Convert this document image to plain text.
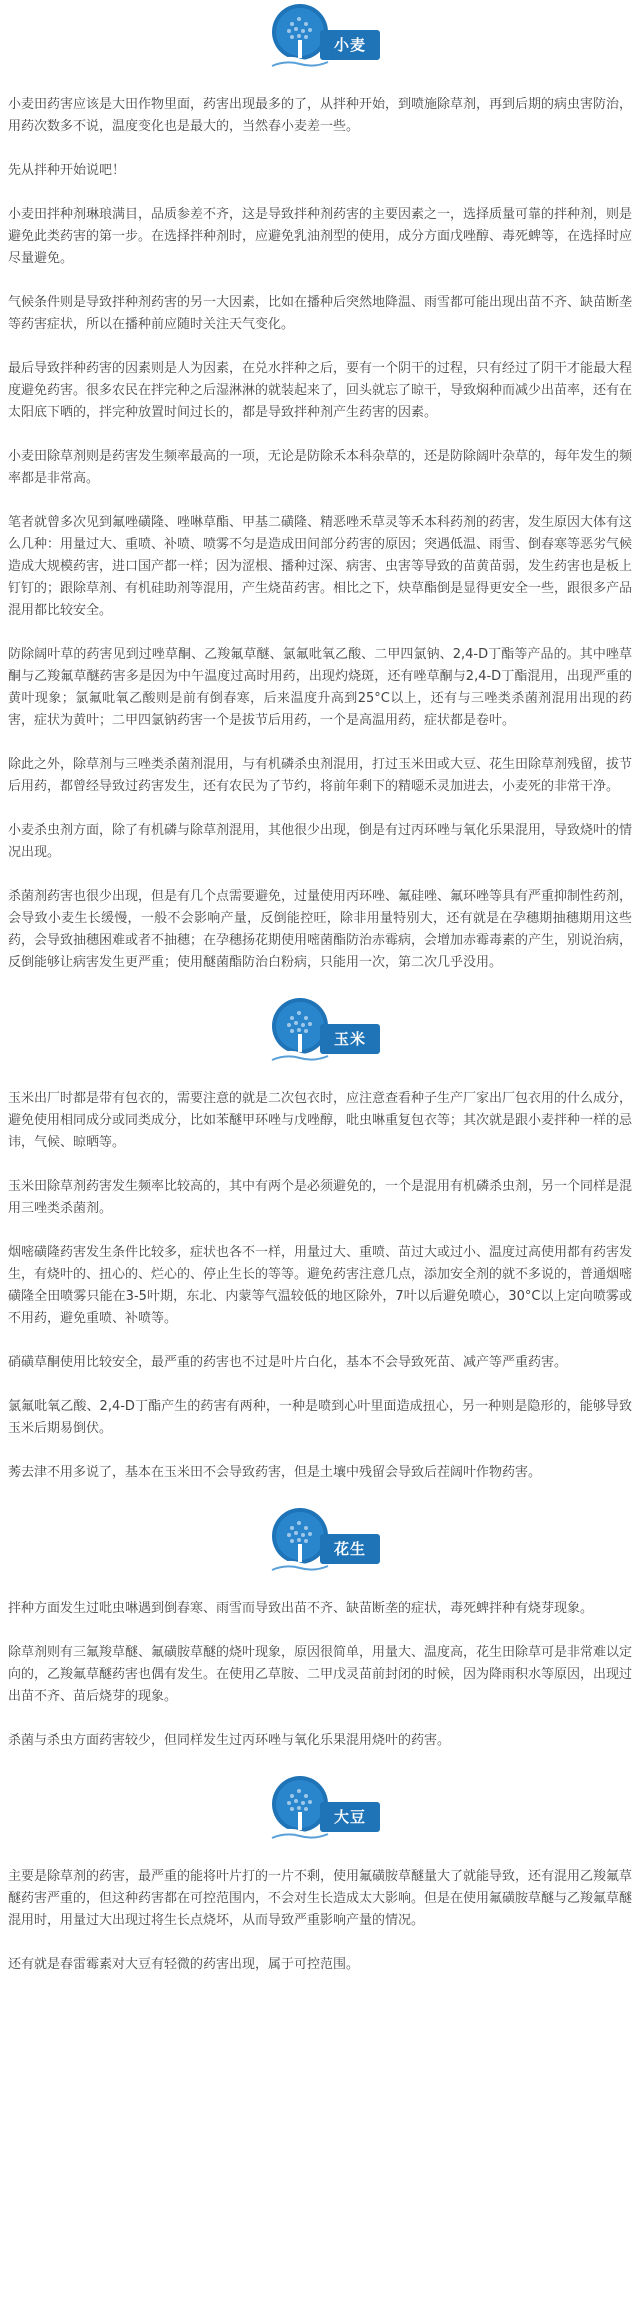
小麦

小麦田药害应该是大田作物里面，药害出现最多的了，从拌种开始，到喷施除草剂，再到后期的病虫害防治，用药次数多不说，温度变化也是最大的，当然春小麦差一些。

先从拌种开始说吧！

小麦田拌种剂琳琅满目，品质参差不齐，这是导致拌种剂药害的主要因素之一，选择质量可靠的拌种剂，则是避免此类药害的第一步。在选择拌种剂时，应避免乳油剂型的使用，成分方面戊唑醇、毒死蜱等，在选择时应尽量避免。

气候条件则是导致拌种剂药害的另一大因素，比如在播种后突然地降温、雨雪都可能出现出苗不齐、缺苗断垄等药害症状，所以在播种前应随时关注天气变化。

最后导致拌种药害的因素则是人为因素，在兑水拌种之后，要有一个阴干的过程，只有经过了阴干才能最大程度避免药害。很多农民在拌完种之后湿淋淋的就装起来了，回头就忘了晾干，导致焖种而减少出苗率，还有在太阳底下晒的，拌完种放置时间过长的，都是导致拌种剂产生药害的因素。

小麦田除草剂则是药害发生频率最高的一项，无论是防除禾本科杂草的，还是防除阔叶杂草的，每年发生的频率都是非常高。

笔者就曾多次见到氟唑磺隆、唑啉草酯、甲基二磺隆、精恶唑禾草灵等禾本科药剂的药害，发生原因大体有这么几种：用量过大、重喷、补喷、喷雾不匀是造成田间部分药害的原因；突遇低温、雨雪、倒春寒等恶劣气候造成大规模药害，进口国产都一样；因为涩根、播种过深、病害、虫害等导致的苗黄苗弱，发生药害也是板上钉钉的；跟除草剂、有机硅助剂等混用，产生烧苗药害。相比之下，炔草酯倒是显得更安全一些，跟很多产品混用都比较安全。

防除阔叶草的药害见到过唑草酮、乙羧氟草醚、氯氟吡氧乙酸、二甲四氯钠、2,4-D丁酯等产品的。其中唑草酮与乙羧氟草醚药害多是因为中午温度过高时用药，出现灼烧斑，还有唑草酮与2,4-D丁酯混用，出现严重的黄叶现象；氯氟吡氧乙酸则是前有倒春寒，后来温度升高到25°C以上，还有与三唑类杀菌剂混用出现的药害，症状为黄叶；二甲四氯钠药害一个是拔节后用药，一个是高温用药，症状都是卷叶。

除此之外，除草剂与三唑类杀菌剂混用，与有机磷杀虫剂混用，打过玉米田或大豆、花生田除草剂残留，拔节后用药，都曾经导致过药害发生，还有农民为了节约，将前年剩下的精噁禾灵加进去，小麦死的非常干净。

小麦杀虫剂方面，除了有机磷与除草剂混用，其他很少出现，倒是有过丙环唑与氧化乐果混用，导致烧叶的情况出现。

杀菌剂药害也很少出现，但是有几个点需要避免，过量使用丙环唑、氟硅唑、氟环唑等具有严重抑制性药剂，会导致小麦生长缓慢，一般不会影响产量，反倒能控旺，除非用量特别大，还有就是在孕穗期抽穗期用这些药，会导致抽穗困难或者不抽穗；在孕穗扬花期使用嘧菌酯防治赤霉病，会增加赤霉毒素的产生，别说治病，反倒能够让病害发生更严重；使用醚菌酯防治白粉病，只能用一次，第二次几乎没用。

玉米

玉米出厂时都是带有包衣的，需要注意的就是二次包衣时，应注意查看种子生产厂家出厂包衣用的什么成分，避免使用相同成分或同类成分，比如苯醚甲环唑与戊唑醇，吡虫啉重复包衣等；其次就是跟小麦拌种一样的忌讳，气候、晾晒等。

玉米田除草剂药害发生频率比较高的，其中有两个是必须避免的，一个是混用有机磷杀虫剂，另一个同样是混用三唑类杀菌剂。

烟嘧磺隆药害发生条件比较多，症状也各不一样，用量过大、重喷、苗过大或过小、温度过高使用都有药害发生，有烧叶的、扭心的、烂心的、停止生长的等等。避免药害注意几点，添加安全剂的就不多说的，普通烟嘧磺隆全田喷雾只能在3-5叶期，东北、内蒙等气温较低的地区除外，7叶以后避免喷心，30°C以上定向喷雾或不用药，避免重喷、补喷等。

硝磺草酮使用比较安全，最严重的药害也不过是叶片白化，基本不会导致死苗、减产等严重药害。

氯氟吡氧乙酸、2,4-D丁酯产生的药害有两种，一种是喷到心叶里面造成扭心，另一种则是隐形的，能够导致玉米后期易倒伏。

莠去津不用多说了，基本在玉米田不会导致药害，但是土壤中残留会导致后茬阔叶作物药害。

花生

拌种方面发生过吡虫啉遇到倒春寒、雨雪而导致出苗不齐、缺苗断垄的症状，毒死蜱拌种有烧芽现象。

除草剂则有三氟羧草醚、氟磺胺草醚的烧叶现象，原因很简单，用量大、温度高，花生田除草可是非常难以定向的，乙羧氟草醚药害也偶有发生。在使用乙草胺、二甲戊灵苗前封闭的时候，因为降雨积水等原因，出现过出苗不齐、苗后烧芽的现象。

杀菌与杀虫方面药害较少，但同样发生过丙环唑与氧化乐果混用烧叶的药害。

大豆

主要是除草剂的药害，最严重的能将叶片打的一片不剩，使用氟磺胺草醚量大了就能导致，还有混用乙羧氟草醚药害严重的，但这种药害都在可控范围内，不会对生长造成太大影响。但是在使用氟磺胺草醚与乙羧氟草醚混用时，用量过大出现过将生长点烧坏，从而导致严重影响产量的情况。

还有就是春雷霉素对大豆有轻微的药害出现，属于可控范围。
